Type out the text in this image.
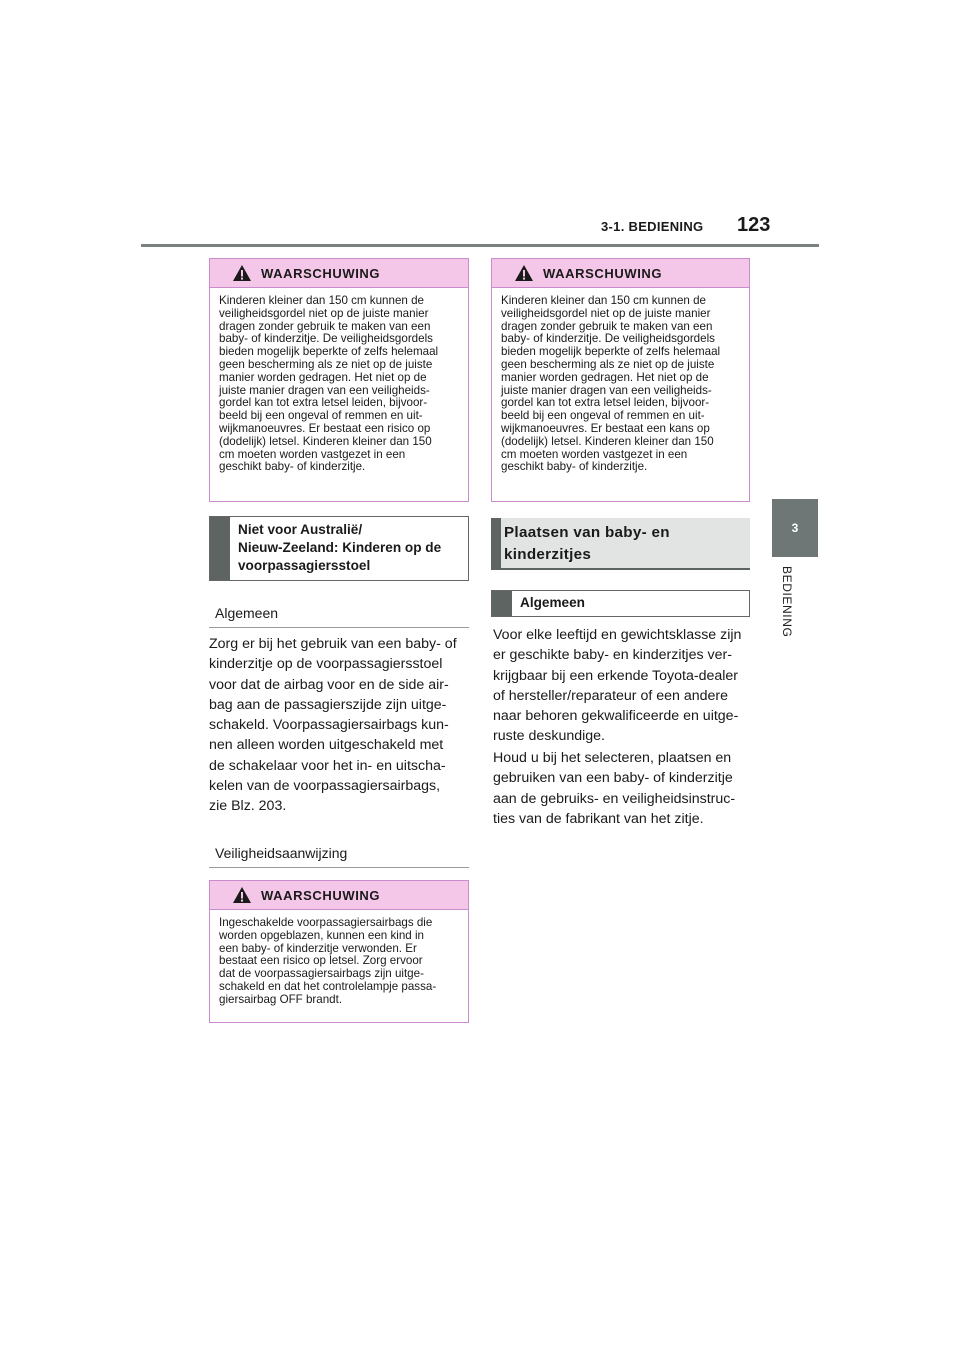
3-1. BEDIENING 123
3
BEDIENING
WAARSCHUWING
Kinderen kleiner dan 150 cm kunnen de
veiligheidsgordel niet op de juiste manier
dragen zonder gebruik te maken van een
baby- of kinderzitje. De veiligheidsgordels
bieden mogelijk beperkte of zelfs helemaal
geen bescherming als ze niet op de juiste
manier worden gedragen. Het niet op de
juiste manier dragen van een veiligheids-
gordel kan tot extra letsel leiden, bijvoor-
beeld bij een ongeval of remmen en uit-
wijkmanoeuvres. Er bestaat een risico op
(dodelijk) letsel. Kinderen kleiner dan 150
cm moeten worden vastgezet in een
geschikt baby- of kinderzitje.
Niet voor Australië/
Nieuw-Zeeland: Kinderen op de
voorpassagiersstoel
Algemeen
Zorg er bij het gebruik van een baby- of
kinderzitje op de voorpassagiersstoel
voor dat de airbag voor en de side air-
bag aan de passagierszijde zijn uitge-
schakeld. Voorpassagiersairbags kun-
nen alleen worden uitgeschakeld met
de schakelaar voor het in- en uitscha-
kelen van de voorpassagiersairbags,
zie Blz. 203.
Veiligheidsaanwijzing
WAARSCHUWING
Ingeschakelde voorpassagiersairbags die
worden opgeblazen, kunnen een kind in
een baby- of kinderzitje verwonden. Er
bestaat een risico op letsel. Zorg ervoor
dat de voorpassagiersairbags zijn uitge-
schakeld en dat het controlelampje passa-
giersairbag OFF brandt.
WAARSCHUWING
Kinderen kleiner dan 150 cm kunnen de
veiligheidsgordel niet op de juiste manier
dragen zonder gebruik te maken van een
baby- of kinderzitje. De veiligheidsgordels
bieden mogelijk beperkte of zelfs helemaal
geen bescherming als ze niet op de juiste
manier worden gedragen. Het niet op de
juiste manier dragen van een veiligheids-
gordel kan tot extra letsel leiden, bijvoor-
beeld bij een ongeval of remmen en uit-
wijkmanoeuvres. Er bestaat een kans op
(dodelijk) letsel. Kinderen kleiner dan 150
cm moeten worden vastgezet in een
geschikt baby- of kinderzitje.
Plaatsen van baby- en
kinderzitjes
Algemeen
Voor elke leeftijd en gewichtsklasse zijn
er geschikte baby- en kinderzitjes ver-
krijgbaar bij een erkende Toyota-dealer
of hersteller/reparateur of een andere
naar behoren gekwalificeerde en uitge-
ruste deskundige.
Houd u bij het selecteren, plaatsen en
gebruiken van een baby- of kinderzitje
aan de gebruiks- en veiligheidsinstruc-
ties van de fabrikant van het zitje.
